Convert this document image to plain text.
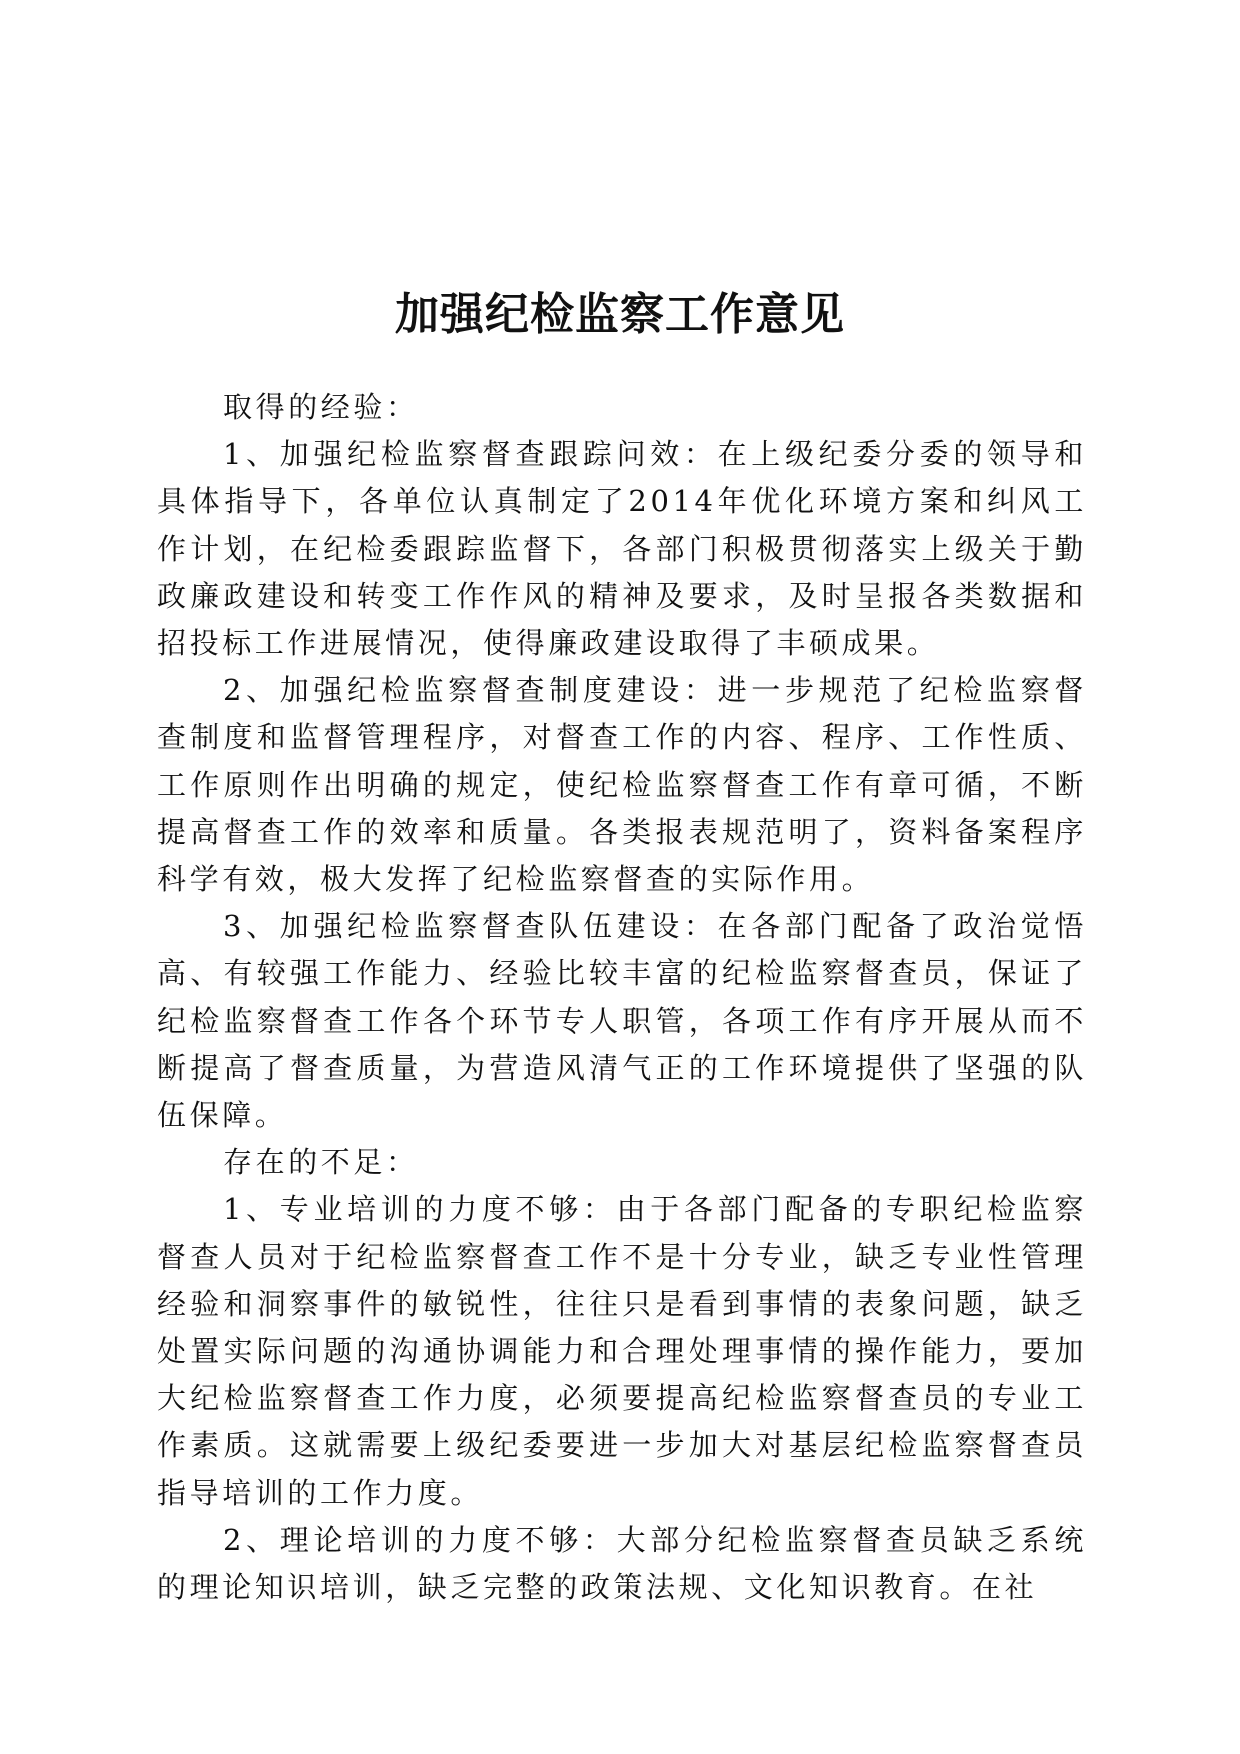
加强纪检监察工作意见

取得的经验：

1、加强纪检监察督查跟踪问效：在上级纪委分委的领导和具体指导下，各单位认真制定了2014年优化环境方案和纠风工作计划，在纪检委跟踪监督下，各部门积极贯彻落实上级关于勤政廉政建设和转变工作作风的精神及要求，及时呈报各类数据和招投标工作进展情况，使得廉政建设取得了丰硕成果。

2、加强纪检监察督查制度建设：进一步规范了纪检监察督查制度和监督管理程序，对督查工作的内容、程序、工作性质、工作原则作出明确的规定，使纪检监察督查工作有章可循，不断提高督查工作的效率和质量。各类报表规范明了，资料备案程序科学有效，极大发挥了纪检监察督查的实际作用。

3、加强纪检监察督查队伍建设：在各部门配备了政治觉悟高、有较强工作能力、经验比较丰富的纪检监察督查员，保证了纪检监察督查工作各个环节专人职管，各项工作有序开展从而不断提高了督查质量，为营造风清气正的工作环境提供了坚强的队伍保障。

存在的不足：

1、专业培训的力度不够：由于各部门配备的专职纪检监察督查人员对于纪检监察督查工作不是十分专业，缺乏专业性管理经验和洞察事件的敏锐性，往往只是看到事情的表象问题，缺乏处置实际问题的沟通协调能力和合理处理事情的操作能力，要加大纪检监察督查工作力度，必须要提高纪检监察督查员的专业工作素质。这就需要上级纪委要进一步加大对基层纪检监察督查员指导培训的工作力度。

2、理论培训的力度不够：大部分纪检监察督查员缺乏系统的理论知识培训，缺乏完整的政策法规、文化知识教育。在社
